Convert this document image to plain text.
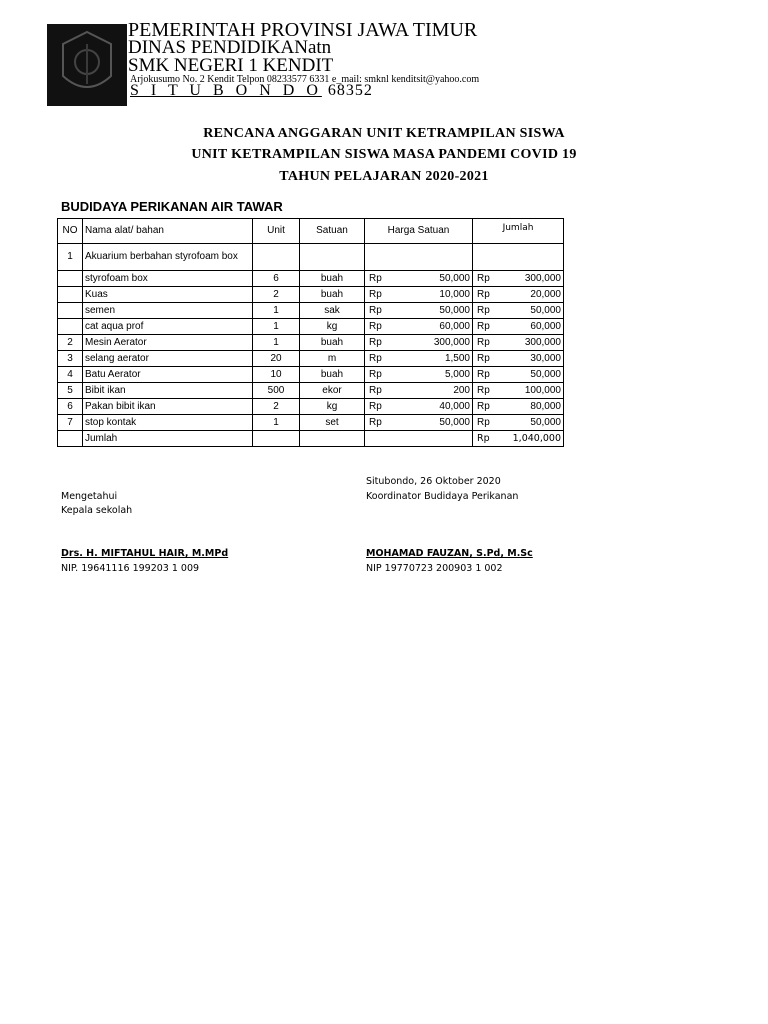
PEMERINTAH PROVINSI JAWA TIMUR
DINAS PENDIDIKANatn
SMK NEGERI 1 KENDIT
Arjokusumo No. 2 Kendit Telpon 08233577 6331 e_mail: smknl kenditsit@yahoo.com
S I T U B O N D O 68352
RENCANA ANGGARAN UNIT KETRAMPILAN SISWA
UNIT KETRAMPILAN SISWA MASA PANDEMI COVID 19
TAHUN PELAJARAN 2020-2021
BUDIDAYA PERIKANAN AIR TAWAR
NO	Nama alat/ bahan	Unit	Satuan	Harga Satuan	Jumlah
1	Akuarium berbahan styrofoam box				
	styrofoam box	6	buah	Rp 50,000	Rp 300,000

	Kuas	2	buah	Rp 10,000	Rp 20,000

	semen	1	sak	Rp 50,000	Rp 50,000

	cat aqua prof	1	kg	Rp 60,000	Rp 60,000

2	Mesin Aerator	1	buah	Rp 300,000	Rp 300,000

3	selang aerator	20	m	Rp 1,500	Rp 30,000

4	Batu Aerator	10	buah	Rp 5,000	Rp 50,000

5	Bibit ikan	500	ekor	Rp 200	Rp 100,000

6	Pakan bibit ikan	2	kg	Rp 40,000	Rp 80,000

7	stop kontak	1	set	Rp 50,000	Rp 50,000

	Jumlah				Rp 1,040,000
Situbondo, 26 Oktober 2020
Mengetahui	Koordinator Budidaya Perikanan
Kepala sekolah
Drs. H. MIFTAHUL HAIR, M.MPd	MOHAMAD FAUZAN, S.Pd, M.Sc
NIP. 19641116 199203 1 009	NIP 19770723 200903 1 002
